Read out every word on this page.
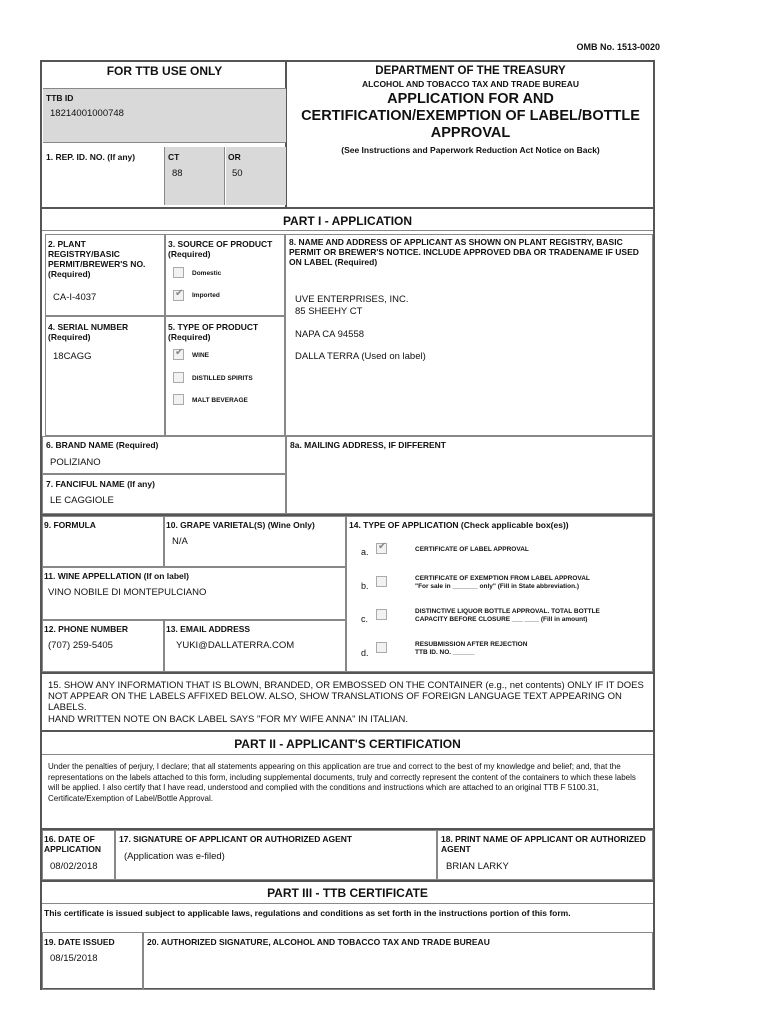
OMB No. 1513-0020
FOR TTB USE ONLY
TTB ID
18214001000748
1. REP. ID. NO. (If any)	CT
88
OR
50
DEPARTMENT OF THE TREASURY
ALCOHOL AND TOBACCO TAX AND TRADE BUREAU
APPLICATION FOR AND
CERTIFICATION/EXEMPTION OF LABEL/BOTTLE
APPROVAL
(See Instructions and Paperwork Reduction Act Notice on Back)
PART I - APPLICATION
2. PLANT REGISTRY/BASIC PERMIT/BREWER'S NO. (Required)
CA-I-4037
3. SOURCE OF PRODUCT (Required)
Domestic
✔ Imported
8. NAME AND ADDRESS OF APPLICANT AS SHOWN ON PLANT REGISTRY, BASIC PERMIT OR BREWER'S NOTICE. INCLUDE APPROVED DBA OR TRADENAME IF USED ON LABEL (Required)
UVE ENTERPRISES, INC.
85 SHEEHY CT
NAPA CA 94558
DALLA TERRA (Used on label)
4. SERIAL NUMBER (Required)
18CAGG
5. TYPE OF PRODUCT (Required)
✔ WINE
DISTILLED SPIRITS
MALT BEVERAGE
6. BRAND NAME (Required)
POLIZIANO
8a. MAILING ADDRESS, IF DIFFERENT
7. FANCIFUL NAME (If any)
LE CAGGIOLE
9. FORMULA	10. GRAPE VARIETAL(S) (Wine Only)
N/A
14. TYPE OF APPLICATION (Check applicable box(es))
a. ✔	CERTIFICATE OF LABEL APPROVAL
b.
CERTIFICATE OF EXEMPTION FROM LABEL APPROVAL
"For sale in _______ only" (Fill in State abbreviation.)
c.
DISTINCTIVE LIQUOR BOTTLE APPROVAL. TOTAL BOTTLE
CAPACITY BEFORE CLOSURE ___ ____ (Fill in amount)
d.
RESUBMISSION AFTER REJECTION
TTB ID. NO. ______
11. WINE APPELLATION (If on label)
VINO NOBILE DI MONTEPULCIANO
12. PHONE NUMBER
(707) 259-5405
13. EMAIL ADDRESS
YUKI@DALLATERRA.COM
15. SHOW ANY INFORMATION THAT IS BLOWN, BRANDED, OR EMBOSSED ON THE CONTAINER (e.g., net contents) ONLY IF IT DOES NOT APPEAR ON THE LABELS AFFIXED BELOW. ALSO, SHOW TRANSLATIONS OF FOREIGN LANGUAGE TEXT APPEARING ON LABELS.
HAND WRITTEN NOTE ON BACK LABEL SAYS "FOR MY WIFE ANNA" IN ITALIAN.
PART II - APPLICANT'S CERTIFICATION
Under the penalties of perjury, I declare; that all statements appearing on this application are true and correct to the best of my knowledge and belief; and, that the representations on the labels attached to this form, including supplemental documents, truly and correctly represent the content of the containers to which these labels will be applied. I also certify that I have read, understood and complied with the conditions and instructions which are attached to an original TTB F 5100.31, Certificate/Exemption of Label/Bottle Approval.
16. DATE OF APPLICATION
08/02/2018
17. SIGNATURE OF APPLICANT OR AUTHORIZED AGENT
(Application was e-filed)
18. PRINT NAME OF APPLICANT OR AUTHORIZED AGENT
BRIAN LARKY
PART III - TTB CERTIFICATE
This certificate is issued subject to applicable laws, regulations and conditions as set forth in the instructions portion of this form.
19. DATE ISSUED
08/15/2018
20. AUTHORIZED SIGNATURE, ALCOHOL AND TOBACCO TAX AND TRADE BUREAU
